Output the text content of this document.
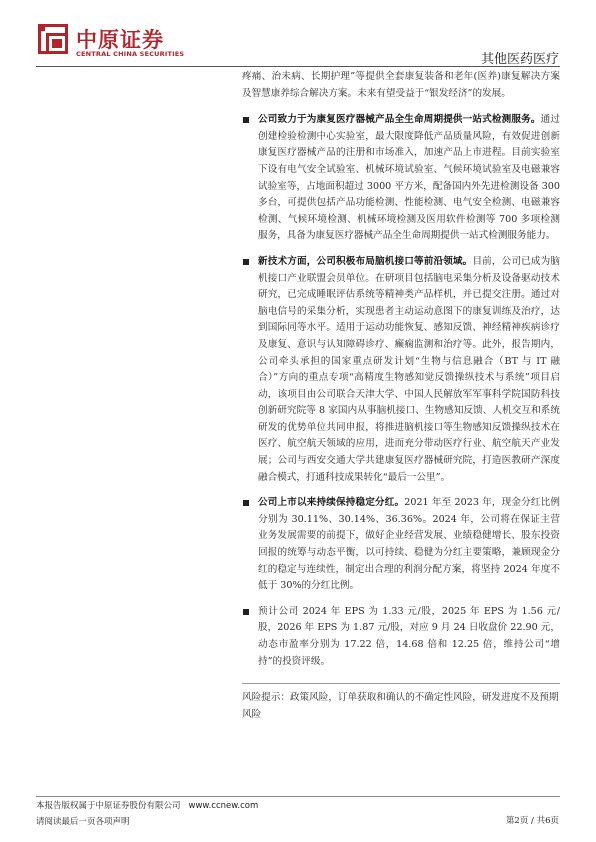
中原证券
CENTRAL CHINA SECURITIES	其他医药医疗

疼痛、治未病、长期护理”等提供全套康复装备和老年(医养)康复解决方案及智慧康养综合解决方案。未来有望受益于“银发经济”的发展。

公司致力于为康复医疗器械产品全生命周期提供一站式检测服务。通过创建检验检测中心实验室，最大限度降低产品质量风险，有效促进创新康复医疗器械产品的注册和市场准入，加速产品上市进程。目前实验室下设有电气安全试验室、机械环境试验室、气候环境试验室及电磁兼容试验室等，占地面积超过 3000 平方米，配备国内外先进检测设备 300 多台，可提供包括产品功能检测、性能检测、电气安全检测、电磁兼容检测、气候环境检测、机械环境检测及医用软件检测等 700 多项检测服务，具备为康复医疗器械产品全生命周期提供一站式检测服务能力。

新技术方面，公司积极布局脑机接口等前沿领域。目前，公司已成为脑机接口产业联盟会员单位。在研项目包括脑电采集分析及设备驱动技术研究，已完成睡眠评估系统等精神类产品样机，并已提交注册。通过对脑电信号的采集分析，实现患者主动运动意图下的康复训练及治疗，达到国际同等水平。适用于运动功能恢复、感知反馈、神经精神疾病诊疗及康复、意识与认知障碍诊疗、癫痫监测和治疗等。此外，报告期内，公司牵头承担的国家重点研发计划“生物与信息融合（BT 与 IT 融合）”方向的重点专项“高精度生物感知觉反馈操纵技术与系统”项目启动，该项目由公司联合天津大学、中国人民解放军军事科学院国防科技创新研究院等 8 家国内从事脑机接口、生物感知反馈、人机交互和系统研发的优势单位共同申报，将推进脑机接口等生物感知反馈操纵技术在医疗、航空航天领域的应用，进而充分带动医疗行业、航空航天产业发展；公司与西安交通大学共建康复医疗器械研究院，打造医教研产深度融合模式，打通科技成果转化“最后一公里”。

公司上市以来持续保持稳定分红。2021 年至 2023 年，现金分红比例分别为 30.11%、30.14%、36.36%。2024 年，公司将在保证主营业务发展需要的前提下，做好企业经营发展、业绩稳健增长、股东投资回报的统筹与动态平衡，以可持续、稳健为分红主要策略，兼顾现金分红的稳定与连续性，制定出合理的利润分配方案，将坚持 2024 年度不低于 30%的分红比例。

预计公司 2024 年 EPS 为 1.33 元/股，2025 年 EPS 为 1.56 元/股，2026 年 EPS 为 1.87 元/股，对应 9 月 24 日收盘价 22.90 元，动态市盈率分别为 17.22 倍，14.68 倍和 12.25 倍，维持公司“增持”的投资评级。

风险提示：政策风险，订单获取和确认的不确定性风险，研发进度不及预期风险

本报告版权属于中原证券股份有限公司 www.ccnew.com
请阅读最后一页各项声明	第2页 / 共6页
